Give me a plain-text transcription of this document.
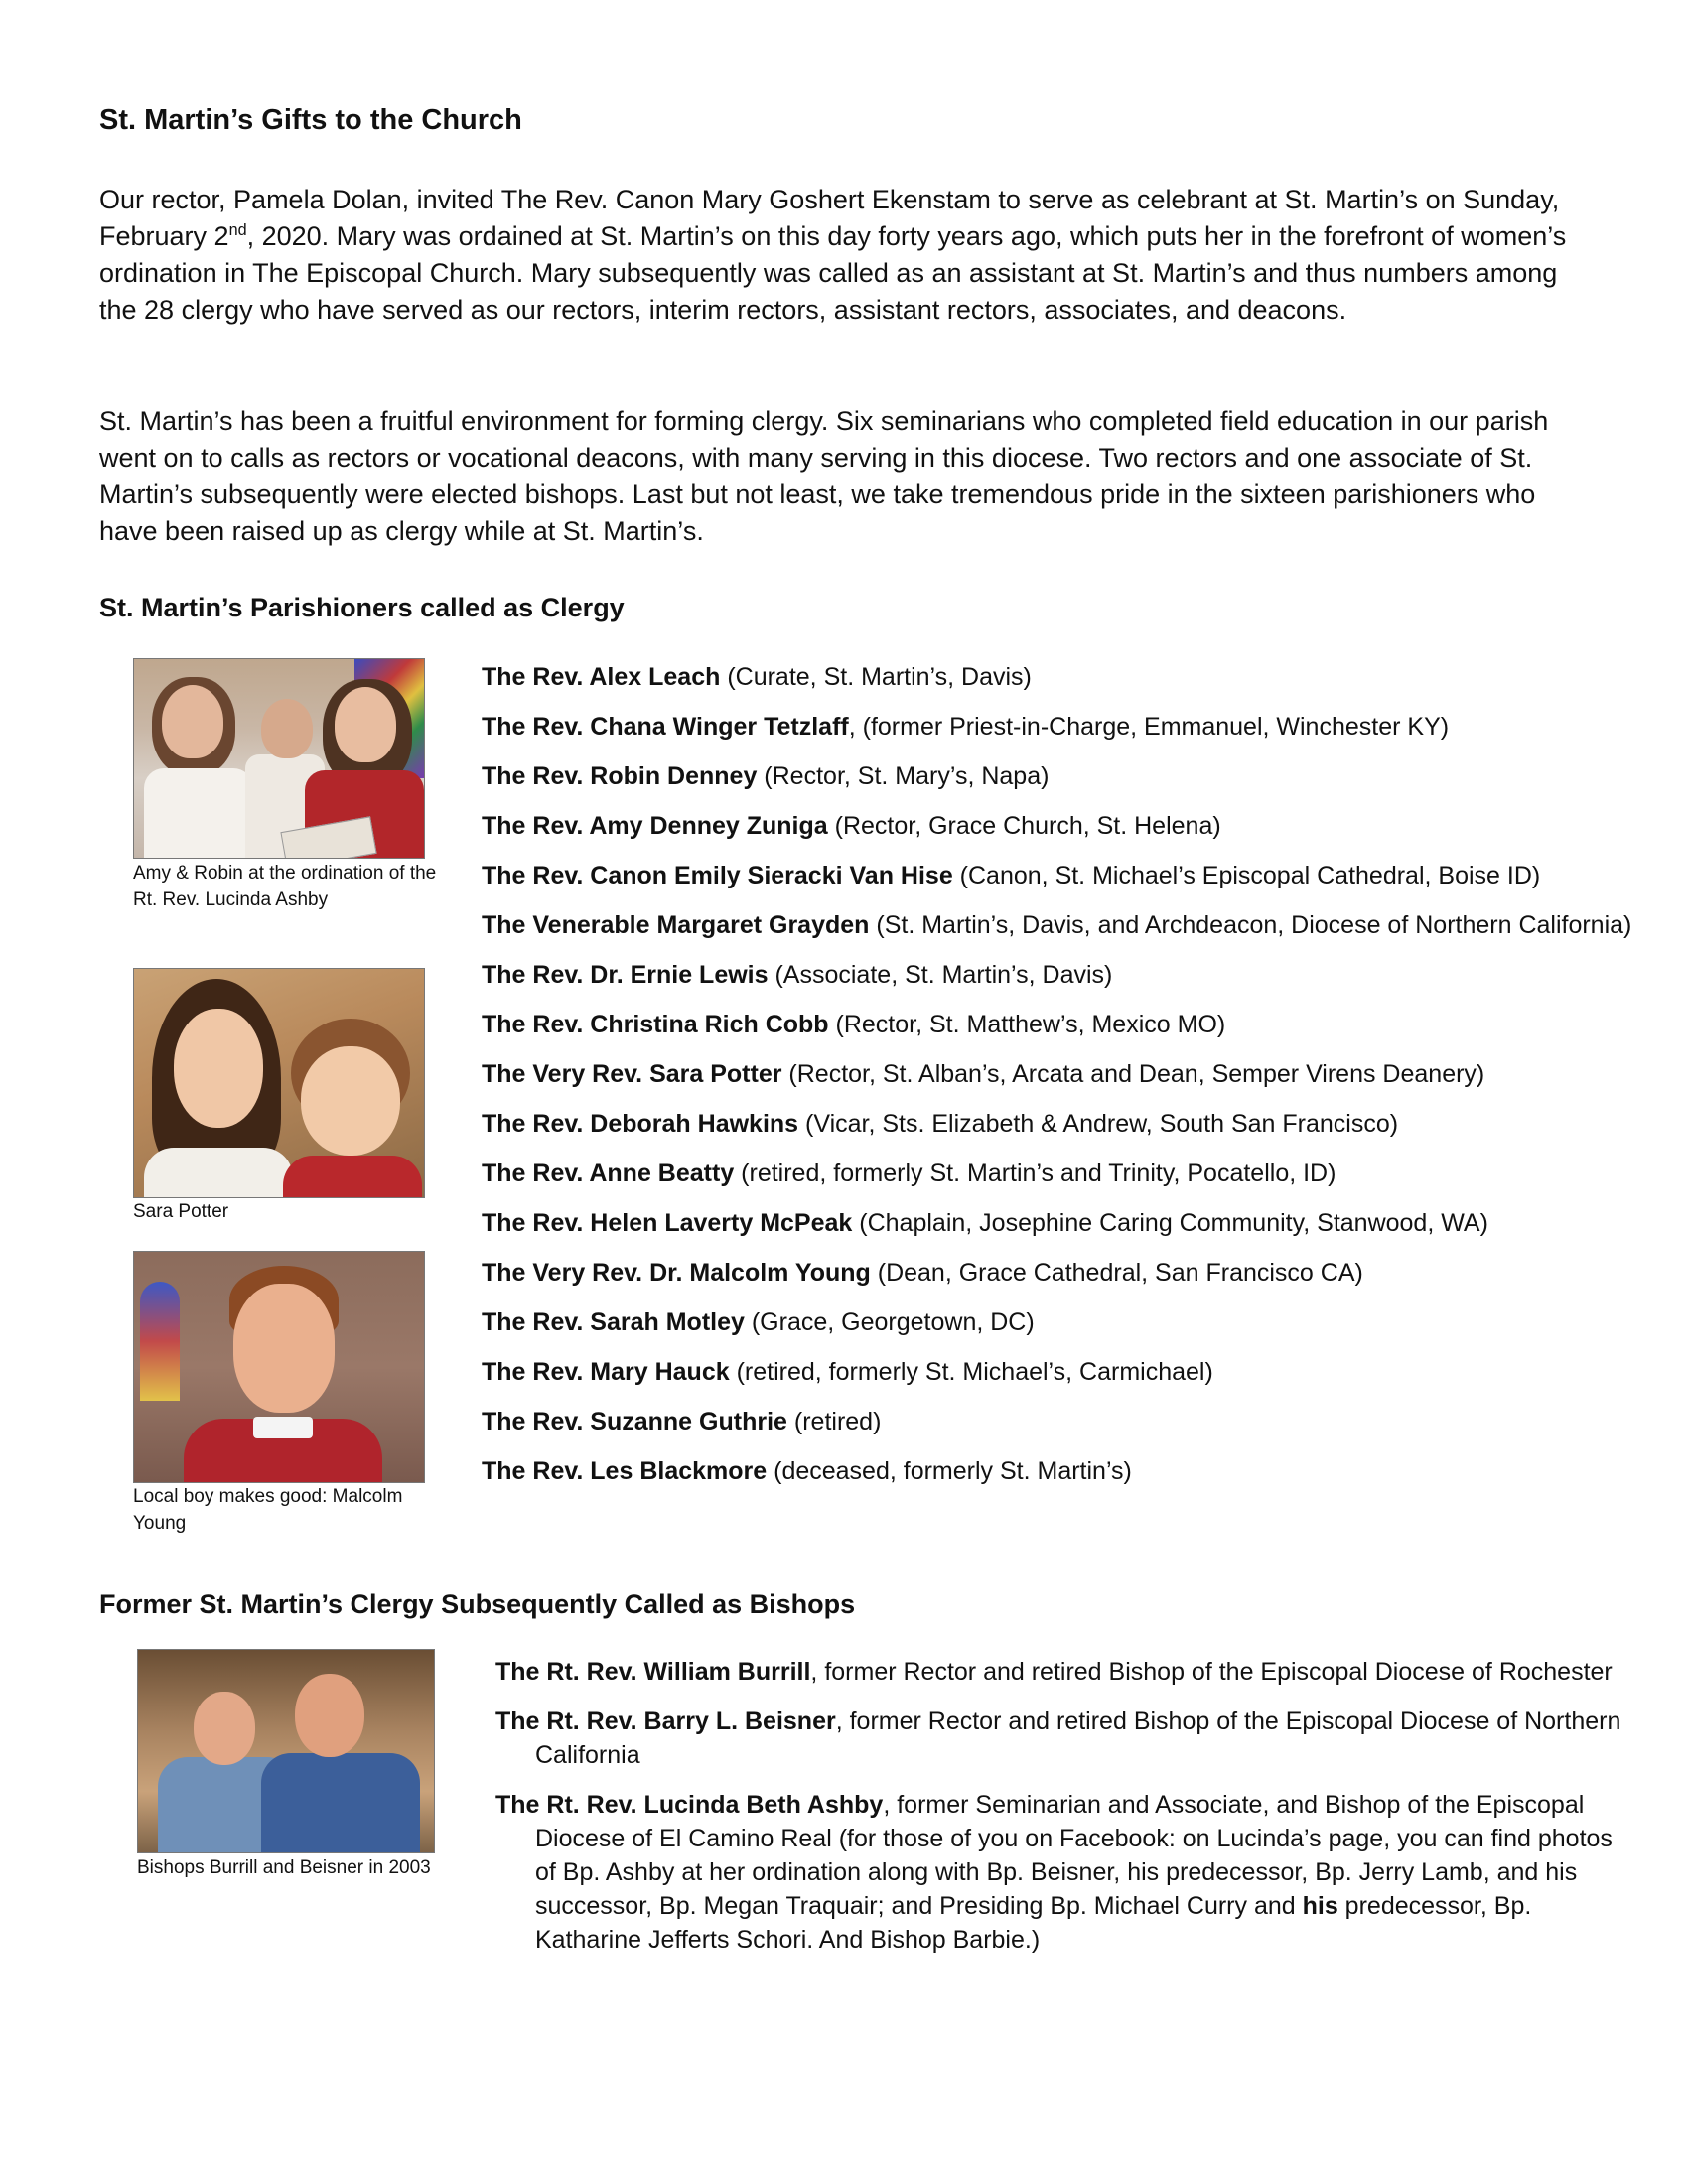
St. Martin’s Gifts to the Church

Our rector, Pamela Dolan, invited The Rev. Canon Mary Goshert Ekenstam to serve as celebrant at St. Martin’s on Sunday, February 2nd, 2020. Mary was ordained at St. Martin’s on this day forty years ago, which puts her in the forefront of women’s ordination in The Episcopal Church. Mary subsequently was called as an assistant at St. Martin’s and thus numbers among the 28 clergy who have served as our rectors, interim rectors, assistant rectors, associates, and deacons.

St. Martin’s has been a fruitful environment for forming clergy. Six seminarians who completed field education in our parish went on to calls as rectors or vocational deacons, with many serving in this diocese. Two rectors and one associate of St. Martin’s subsequently were elected bishops. Last but not least, we take tremendous pride in the sixteen parishioners who have been raised up as clergy while at St. Martin’s.

St. Martin’s Parishioners called as Clergy
Amy & Robin at the ordination of the Rt. Rev. Lucinda Ashby
Sara Potter
Local boy makes good: Malcolm Young
The Rev. Alex Leach (Curate, St. Martin’s, Davis)
The Rev. Chana Winger Tetzlaff, (former Priest-in-Charge, Emmanuel, Winchester KY)
The Rev. Robin Denney (Rector, St. Mary’s, Napa)
The Rev. Amy Denney Zuniga (Rector, Grace Church, St. Helena)
The Rev. Canon Emily Sieracki Van Hise (Canon, St. Michael’s Episcopal Cathedral, Boise ID)
The Venerable Margaret Grayden (St. Martin’s, Davis, and Archdeacon, Diocese of Northern California)
The Rev. Dr. Ernie Lewis (Associate, St. Martin’s, Davis)
The Rev. Christina Rich Cobb (Rector, St. Matthew’s, Mexico MO)
The Very Rev. Sara Potter (Rector, St. Alban’s, Arcata and Dean, Semper Virens Deanery)
The Rev. Deborah Hawkins (Vicar, Sts. Elizabeth & Andrew, South San Francisco)
The Rev. Anne Beatty (retired, formerly St. Martin’s and Trinity, Pocatello, ID)
The Rev. Helen Laverty McPeak (Chaplain, Josephine Caring Community, Stanwood, WA)
The Very Rev. Dr. Malcolm Young (Dean, Grace Cathedral, San Francisco CA)
The Rev. Sarah Motley (Grace, Georgetown, DC)
The Rev. Mary Hauck (retired, formerly St. Michael’s, Carmichael)
The Rev. Suzanne Guthrie (retired)
The Rev. Les Blackmore (deceased, formerly St. Martin’s)
Former St. Martin’s Clergy Subsequently Called as Bishops
Bishops Burrill and Beisner in 2003
The Rt. Rev. William Burrill, former Rector and retired Bishop of the Episcopal Diocese of Rochester
The Rt. Rev. Barry L. Beisner, former Rector and retired Bishop of the Episcopal Diocese of Northern California
The Rt. Rev. Lucinda Beth Ashby, former Seminarian and Associate, and Bishop of the Episcopal Diocese of El Camino Real (for those of you on Facebook: on Lucinda’s page, you can find photos of Bp. Ashby at her ordination along with Bp. Beisner, his predecessor, Bp. Jerry Lamb, and his successor, Bp. Megan Traquair; and Presiding Bp. Michael Curry and his predecessor, Bp. Katharine Jefferts Schori. And Bishop Barbie.)
